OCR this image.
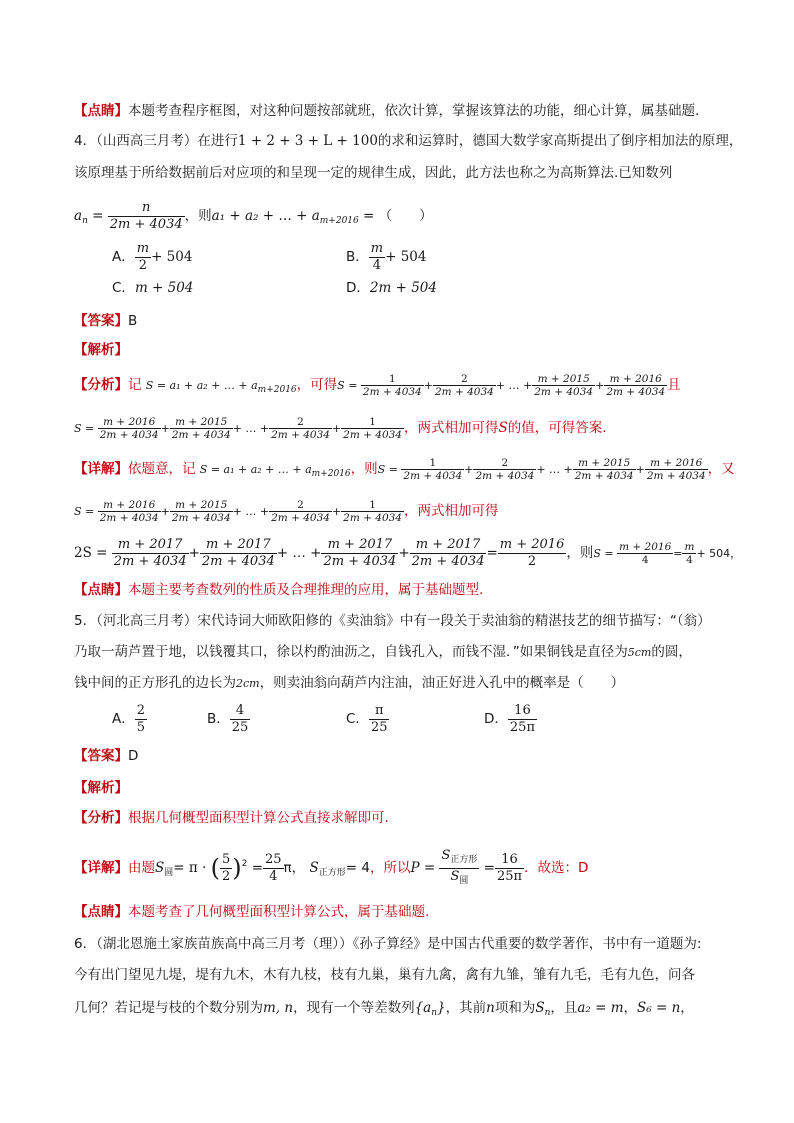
【点睛】本题考查程序框图，对这种问题按部就班，依次计算，掌握该算法的功能，细心计算，属基础题.
4．（山西高三月考）在进行1 + 2 + 3 + L + 100的求和运算时，德国大数学家高斯提出了倒序相加法的原理，
该原理基于所给数据前后对应项的和呈现一定的规律生成，因此，此方法也称之为高斯算法.已知数列
$a_n = \frac{n}{2m + 4034}$ ，则a₁ + a₂ + … + $a_{m+2016}$ = （　　）
A． $\frac{m}{2} + 504$	B． $\frac{m}{4} + 504$
C．m + 504	D．2m + 504
【答案】B
【解析】
【分析】记 S = a₁ + a₂ + … + $a_{m+2016}$，可得$S = \frac{1}{2m + 4034} + \frac{2}{2m + 4034}$ + … + $\frac{m + 2015}{2m + 4034} + \frac{m + 2016}{2m + 4034}$ 且
$S = \frac{m + 2016}{2m + 4034} + \frac{m + 2015}{2m + 4034}$ + … + $\frac{2}{2m + 4034} + \frac{1}{2m + 4034}$ ，两式相加可得S的值，可得答案.
【详解】依题意，记 S = a₁ + a₂ + … + $a_{m+2016}$，则$S = \frac{1}{2m + 4034} + \frac{2}{2m + 4034}$ + … + $\frac{m + 2015}{2m + 4034} + \frac{m + 2016}{2m + 4034}$ ，又
$S = \frac{m + 2016}{2m + 4034} + \frac{m + 2015}{2m + 4034}$ + … + $\frac{2}{2m + 4034} + \frac{1}{2m + 4034}$ ，两式相加可得
$2S = \frac{m + 2017}{2m + 4034} + \frac{m + 2017}{2m + 4034}$ + … + $\frac{m + 2017}{2m + 4034} + \frac{m + 2017}{2m + 4034} = \frac{m + 2016}{2}$ ，则$S = \frac{m + 2016}{4} = \frac{m}{4} + 504$，
【点睛】本题主要考查数列的性质及合理推理的应用，属于基础题型.
5．（河北高三月考）宋代诗词大师欧阳修的《卖油翁》中有一段关于卖油翁的精湛技艺的细节描写：“（翁）
乃取一葫芦置于地，以钱覆其口，徐以杓酌油沥之，自钱孔入，而钱不湿．”如果铜钱是直径为5cm的圆，
钱中间的正方形孔的边长为2cm，则卖油翁向葫芦内注油，油正好进入孔中的概率是（　　）
A． $\frac{2}{5}$	B． $\frac{4}{25}$	C． $\frac{\pi}{25}$	D． $\frac{16}{25\pi}$
【答案】D
【解析】
【分析】根据几何概型面积型计算公式直接求解即可.
【详解】由题$S_圆= \pi$ · ( $\frac{5}{2} )^2 = \frac{25}{4}$ π， $S_{正方形}= 4$，所以P =
$S_{正方形}$
$S_圆$
= $\frac{16}{25\pi}$ ．故选：D
【点睛】本题考查了几何概型面积型计算公式，属于基础题.
6．（湖北恩施土家族苗族高中高三月考（理））《孙子算经》是中国古代重要的数学著作，书中有一道题为:
今有出门望见九堤，堤有九木，木有九枝，枝有九巢，巢有九禽，禽有九雏，雏有九毛，毛有九色，问各
几何？若记堤与枝的个数分别为m, n，现有一个等差数列$\{a_n\}$，其前n项和为$S_n$，且a₂ = m，S₆ = n，
